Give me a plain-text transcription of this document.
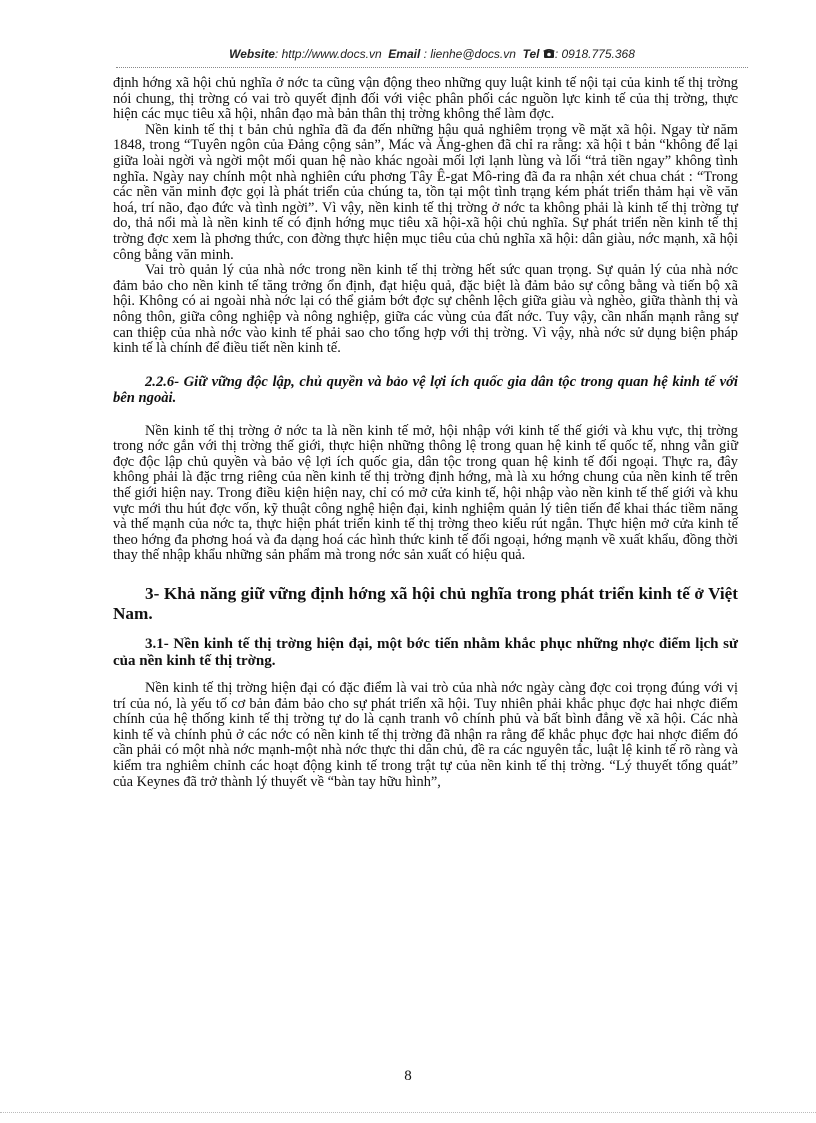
Website: http://www.docs.vn Email : lienhe@docs.vn Tel : 0918.775.368

định hớng xã hội chủ nghĩa ở nớc ta cũng vận động theo những quy luật kinh tế nội tại của kinh tế thị trờng nói chung, thị trờng có vai trò quyết định đối với việc phân phối các nguồn lực kinh tế của thị trờng, thực hiện các mục tiêu xã hội, nhân đạo mà bản thân thị trờng không thể làm đợc.

Nền kinh tế thị t bản chủ nghĩa đã đa đến những hậu quả nghiêm trọng về mặt xã hội. Ngay từ năm 1848, trong “Tuyên ngôn của Đảng cộng sản”, Mác và Ăng-ghen đã chỉ ra rằng: xã hội t bản “không để lại giữa loài ngời và ngời một mối quan hệ nào khác ngoài mối lợi lạnh lùng và lối “trả tiền ngay” không tình nghĩa. Ngày nay chính một nhà nghiên cứu phơng Tây Ê-gat Mô-ring đã đa ra nhận xét chua chát : “Trong các nền văn minh đợc gọi là phát triển của chúng ta, tồn tại một tình trạng kém phát triển thảm hại về văn hoá, trí não, đạo đức và tình ngời”. Vì vậy, nền kinh tế thị trờng ở nớc ta không phải là kinh tế thị trờng tự do, thả nổi mà là nền kinh tế có định hớng mục tiêu xã hội-xã hội chủ nghĩa. Sự phát triển nền kinh tế thị trờng đợc xem là phơng thức, con đờng thực hiện mục tiêu của chủ nghĩa xã hội: dân giàu, nớc mạnh, xã hội công bằng văn minh.

Vai trò quản lý của nhà nớc trong nền kinh tế thị trờng hết sức quan trọng. Sự quản lý của nhà nớc đảm bảo cho nền kinh tế tăng trởng ổn định, đạt hiệu quả, đặc biệt là đảm bảo sự công bằng và tiến bộ xã hội. Không có ai ngoài nhà nớc lại có thể giảm bớt đợc sự chênh lệch giữa giàu và nghèo, giữa thành thị và nông thôn, giữa công nghiệp và nông nghiệp, giữa các vùng của đất nớc. Tuy vậy, cần nhấn mạnh rằng sự can thiệp của nhà nớc vào kinh tế phải sao cho tổng hợp với thị trờng. Vì vậy, nhà nớc sử dụng biện pháp kinh tế là chính để điều tiết nền kinh tế.

2.2.6- Giữ vững độc lập, chủ quyền và bảo vệ lợi ích quốc gia dân tộc trong quan hệ kinh tế với bên ngoài.

Nền kinh tế thị trờng ở nớc ta là nền kinh tế mở, hội nhập với kinh tế thế giới và khu vực, thị trờng trong nớc gắn với thị trờng thế giới, thực hiện những thông lệ trong quan hệ kinh tế quốc tế, nhng vẫn giữ đợc độc lập chủ quyền và bảo vệ lợi ích quốc gia, dân tộc trong quan hệ kinh tế đối ngoại. Thực ra, đây không phải là đặc trng riêng của nền kinh tế thị trờng định hớng, mà là xu hớng chung của nền kinh tế trên thế giới hiện nay. Trong điều kiện hiện nay, chỉ có mở cửa kinh tế, hội nhập vào nền kinh tế thế giới và khu vực mới thu hút đợc vốn, kỹ thuật công nghệ hiện đại, kinh nghiệm quản lý tiên tiến để khai thác tiềm năng và thế mạnh của nớc ta, thực hiện phát triển kinh tế thị trờng theo kiểu rút ngắn. Thực hiện mở cửa kinh tế theo hớng đa phơng hoá và đa dạng hoá các hình thức kinh tế đối ngoại, hớng mạnh về xuất khẩu, đồng thời thay thế nhập khẩu những sản phẩm mà trong nớc sản xuất có hiệu quả.

3- Khả năng giữ vững định hớng xã hội chủ nghĩa trong phát triển kinh tế ở Việt Nam.

3.1- Nền kinh tế thị trờng hiện đại, một bớc tiến nhằm khắc phục những nhợc điểm lịch sử của nền kinh tế thị trờng.

Nền kinh tế thị trờng hiện đại có đặc điểm là vai trò của nhà nớc ngày càng đợc coi trọng đúng với vị trí của nó, là yếu tố cơ bản đảm bảo cho sự phát triển xã hội. Tuy nhiên phải khắc phục đợc hai nhợc điểm chính của hệ thống kinh tế thị trờng tự do là cạnh tranh vô chính phủ và bất bình đẳng về xã hội. Các nhà kinh tế và chính phủ ở các nớc có nền kinh tế thị trờng đã nhận ra rằng để khắc phục đợc hai nhợc điểm đó cần phải có một nhà nớc mạnh-một nhà nớc thực thi dân chủ, đề ra các nguyên tắc, luật lệ kinh tế rõ ràng và kiểm tra nghiêm chỉnh các hoạt động kinh tế trong trật tự của nền kinh tế thị trờng. “Lý thuyết tổng quát” của Keynes đã trở thành lý thuyết về “bàn tay hữu hình”,

8
